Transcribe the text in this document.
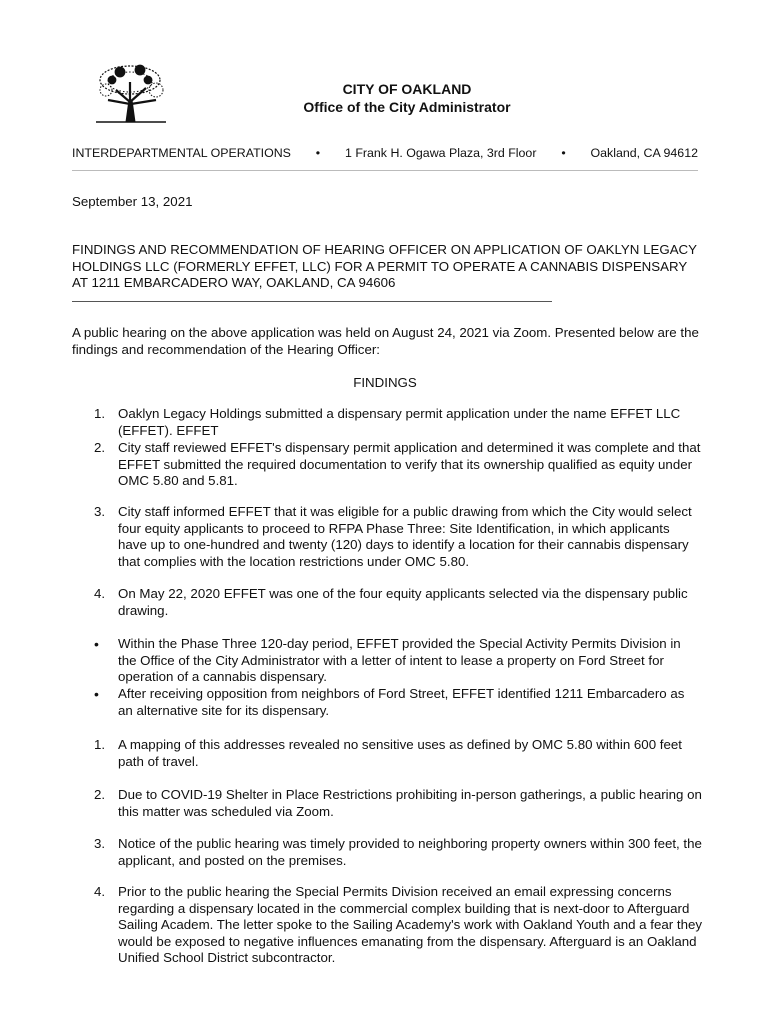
CITY OF OAKLAND
Office of the City Administrator
INTERDEPARTMENTAL OPERATIONS • 1 Frank H. Ogawa Plaza, 3rd Floor • Oakland, CA 94612
September 13, 2021
FINDINGS AND RECOMMENDATION OF HEARING OFFICER ON APPLICATION OF OAKLYN LEGACY HOLDINGS LLC (FORMERLY EFFET, LLC) FOR A PERMIT TO OPERATE A CANNABIS DISPENSARY AT 1211 EMBARCADERO WAY, OAKLAND, CA 94606
A public hearing on the above application was held on August 24, 2021 via Zoom. Presented below are the findings and recommendation of the Hearing Officer:
FINDINGS
1. Oaklyn Legacy Holdings submitted a dispensary permit application under the name EFFET LLC (EFFET). EFFET
2. City staff reviewed EFFET's dispensary permit application and determined it was complete and that EFFET submitted the required documentation to verify that its ownership qualified as equity under OMC 5.80 and 5.81.
3. City staff informed EFFET that it was eligible for a public drawing from which the City would select four equity applicants to proceed to RFPA Phase Three: Site Identification, in which applicants have up to one-hundred and twenty (120) days to identify a location for their cannabis dispensary that complies with the location restrictions under OMC 5.80.
4. On May 22, 2020 EFFET was one of the four equity applicants selected via the dispensary public drawing.
• Within the Phase Three 120-day period, EFFET provided the Special Activity Permits Division in the Office of the City Administrator with a letter of intent to lease a property on Ford Street for operation of a cannabis dispensary.
• After receiving opposition from neighbors of Ford Street, EFFET identified 1211 Embarcadero as an alternative site for its dispensary.
1. A mapping of this addresses revealed no sensitive uses as defined by OMC 5.80 within 600 feet path of travel.
2. Due to COVID-19 Shelter in Place Restrictions prohibiting in-person gatherings, a public hearing on this matter was scheduled via Zoom.
3. Notice of the public hearing was timely provided to neighboring property owners within 300 feet, the applicant, and posted on the premises.
4. Prior to the public hearing the Special Permits Division received an email expressing concerns regarding a dispensary located in the commercial complex building that is next-door to Afterguard Sailing Academ. The letter spoke to the Sailing Academy's work with Oakland Youth and a fear they would be exposed to negative influences emanating from the dispensary. Afterguard is an Oakland Unified School District subcontractor.
